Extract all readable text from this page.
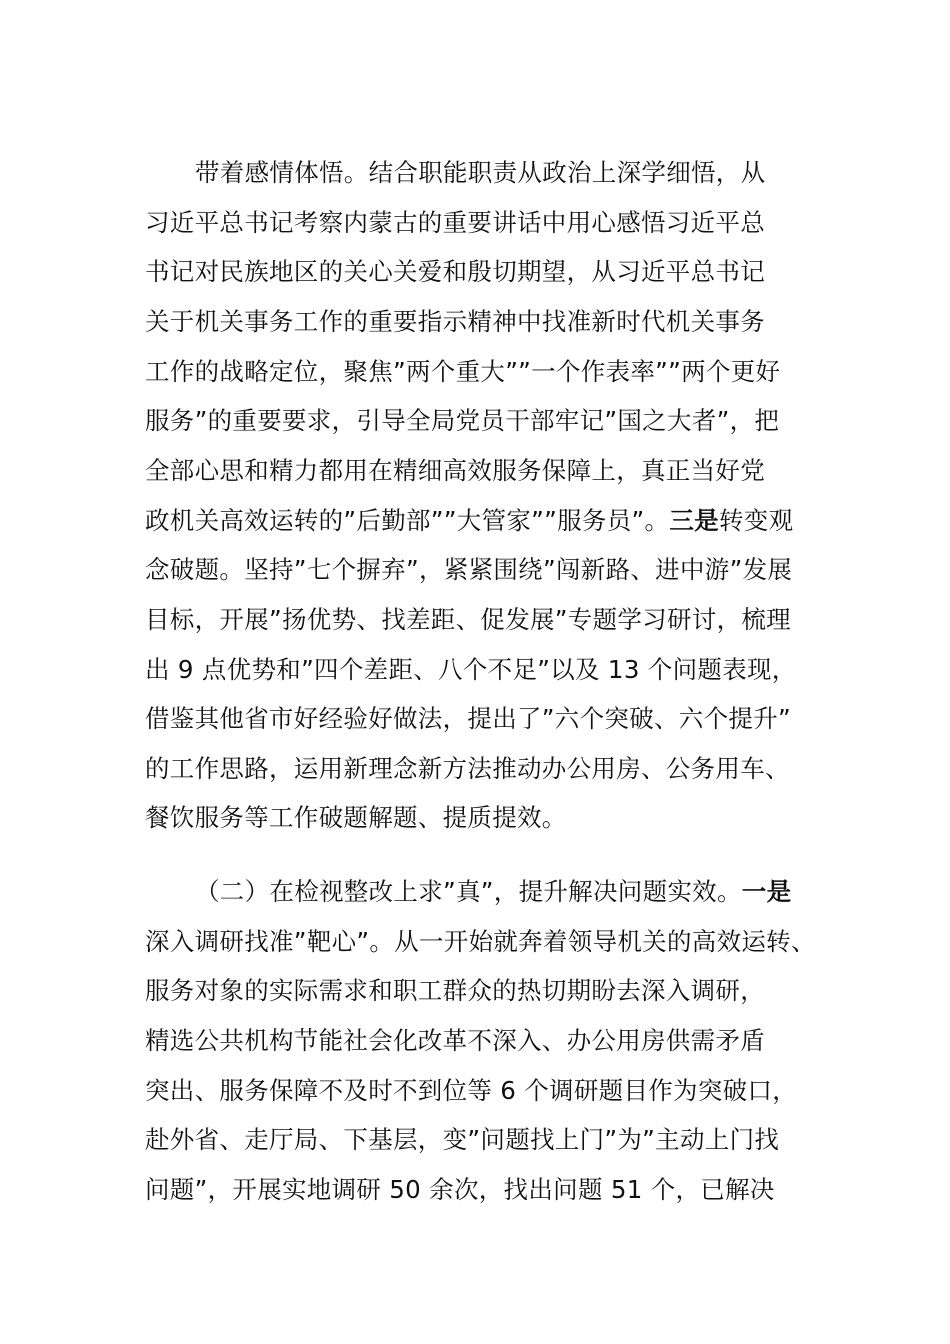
带着感情体悟。结合职能职责从政治上深学细悟，从
习近平总书记考察内蒙古的重要讲话中用心感悟习近平总
书记对民族地区的关心关爱和殷切期望，从习近平总书记
关于机关事务工作的重要指示精神中找准新时代机关事务
工作的战略定位，聚焦”两个重大””一个作表率””两个更好
服务”的重要要求，引导全局党员干部牢记”国之大者”，把
全部心思和精力都用在精细高效服务保障上，真正当好党
政机关高效运转的”后勤部””大管家””服务员”。三是转变观
念破题。坚持”七个摒弃”，紧紧围绕”闯新路、进中游”发展
目标，开展”扬优势、找差距、促发展”专题学习研讨，梳理
出 9 点优势和”四个差距、八个不足”以及 13 个问题表现，
借鉴其他省市好经验好做法，提出了”六个突破、六个提升”
的工作思路，运用新理念新方法推动办公用房、公务用车、
餐饮服务等工作破题解题、提质提效。
（二）在检视整改上求”真”，提升解决问题实效。一是
深入调研找准”靶心”。从一开始就奔着领导机关的高效运转、
服务对象的实际需求和职工群众的热切期盼去深入调研，
精选公共机构节能社会化改革不深入、办公用房供需矛盾
突出、服务保障不及时不到位等 6 个调研题目作为突破口，
赴外省、走厅局、下基层，变”问题找上门”为”主动上门找
问题”，开展实地调研 50 余次，找出问题 51 个，已解决
